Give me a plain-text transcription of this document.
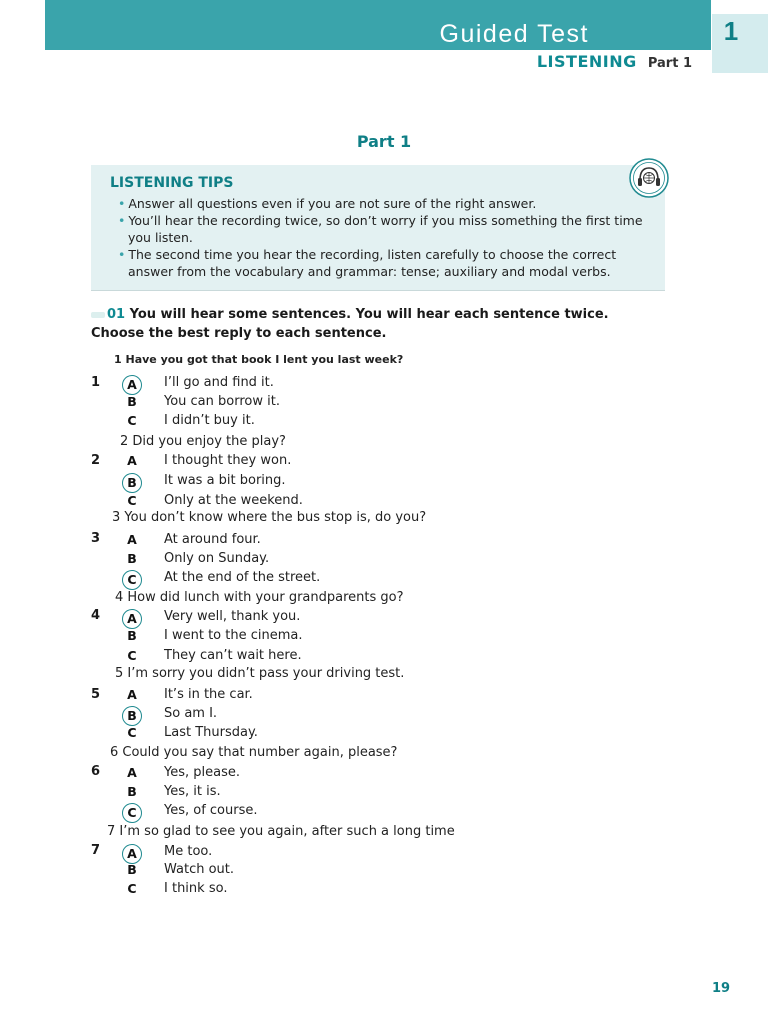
Guided Test	1
LISTENING Part 1
Part 1
LISTENING TIPS
• Answer all questions even if you are not sure of the right answer.
• You’ll hear the recording twice, so don’t worry if you miss something the first time you listen.
• The second time you hear the recording, listen carefully to choose the correct answer from the vocabulary and grammar: tense; auxiliary and modal verbs.
01 You will hear some sentences. You will hear each sentence twice. Choose the best reply to each sentence.
1 Have you got that book I lent you last week?
1	A	I’ll go and find it.
B	You can borrow it.
C	I didn’t buy it.
2 Did you enjoy the play?
2	A	I thought they won.
B	It was a bit boring.
C	Only at the weekend.
3 You don’t know where the bus stop is, do you?
3	A	At around four.
B	Only on Sunday.
C	At the end of the street.
4 How did lunch with your grandparents go?
4	A	Very well, thank you.
B	I went to the cinema.
C	They can’t wait here.
5 I’m sorry you didn’t pass your driving test.
5	A	It’s in the car.
B	So am I.
C	Last Thursday.
6 Could you say that number again, please?
6	A	Yes, please.
B	Yes, it is.
C	Yes, of course.
7 I’m so glad to see you again, after such a long time
7	A	Me too.
B	Watch out.
C	I think so.
19
